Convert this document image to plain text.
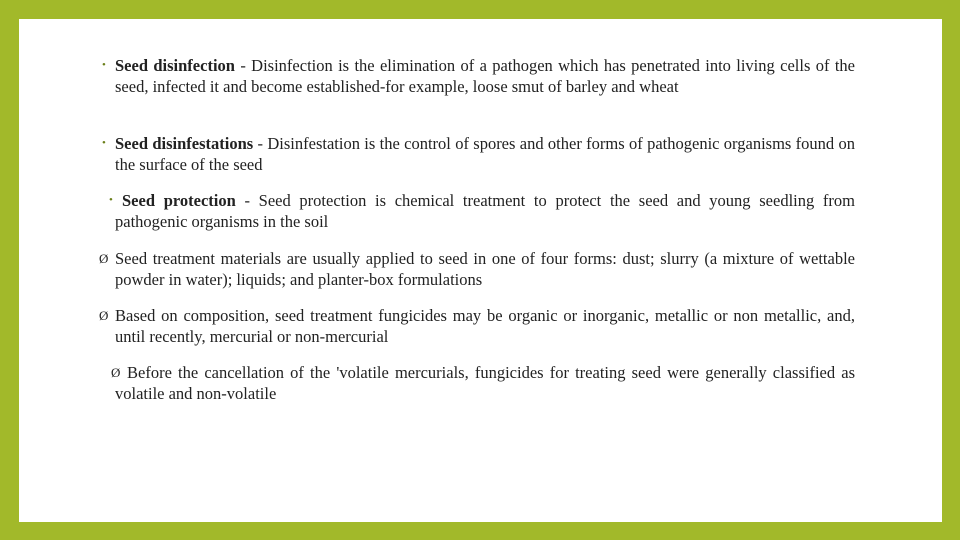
• Seed disinfection - Disinfection is the elimination of a pathogen which has penetrated into living cells of the seed, infected it and become established-for example, loose smut of barley and wheat
• Seed disinfestations - Disinfestation is the control of spores and other forms of pathogenic organisms found on the surface of the seed
• Seed protection - Seed protection is chemical treatment to protect the seed and young seedling from pathogenic organisms in the soil
Ø Seed treatment materials are usually applied to seed in one of four forms: dust; slurry (a mixture of wettable powder in water); liquids; and planter-box formulations
Ø Based on composition, seed treatment fungicides may be organic or inorganic, metallic or non metallic, and, until recently, mercurial or non-mercurial
Ø Before the cancellation of the 'volatile mercurials, fungicides for treating seed were generally classified as volatile and non-volatile
